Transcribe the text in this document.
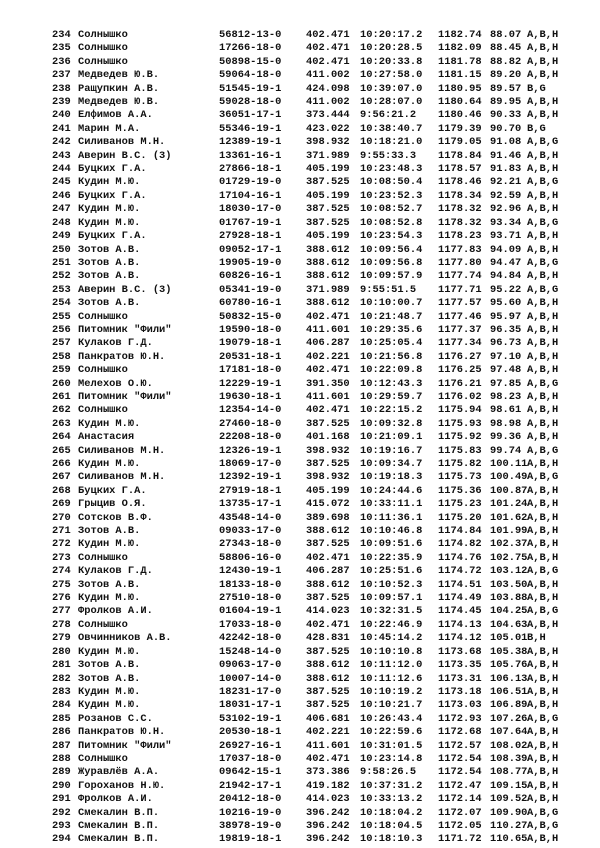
234 Солнышко	56812-13-0 402.471 10:20:17.2 1182.74 88.07 A,B,H
235 Солнышко	17266-18-0 402.471 10:20:28.5 1182.09 88.45 A,B,H
236 Солнышко	50898-15-0 402.471 10:20:33.8 1181.78 88.82 A,B,H
237 Медведев Ю.В.	59064-18-0 411.002 10:27:58.0 1181.15 89.20 A,B,H
238 Ращупкин А.В.	51545-19-1 424.098 10:39:07.0 1180.95 89.57 B,G
239 Медведев Ю.В.	59028-18-0 411.002 10:28:07.0 1180.64 89.95 A,B,H
240 Елфимов А.А.	36051-17-1 373.444 9:56:21.2 1180.46 90.33 A,B,H
241 Марин М.А.	55346-19-1 423.022 10:38:40.7 1179.39 90.70 B,G
242 Силиванов М.Н.	12389-19-1 398.932 10:18:21.0 1179.05 91.08 A,B,G
243 Аверин В.С. (3)	13361-16-1 371.989 9:55:33.3 1178.84 91.46 A,B,H
244 Буцких Г.А.	27866-18-1 405.199 10:23:48.3 1178.57 91.83 A,B,H
245 Кудин М.Ю.	01729-19-0 387.525 10:08:50.4 1178.46 92.21 A,B,G
246 Буцких Г.А.	17104-16-1 405.199 10:23:52.3 1178.34 92.59 A,B,H
247 Кудин М.Ю.	18030-17-0 387.525 10:08:52.7 1178.32 92.96 A,B,H
248 Кудин М.Ю.	01767-19-1 387.525 10:08:52.8 1178.32 93.34 A,B,G
249 Буцких Г.А.	27928-18-1 405.199 10:23:54.3 1178.23 93.71 A,B,H
250 Зотов А.В.	09052-17-1 388.612 10:09:56.4 1177.83 94.09 A,B,H
251 Зотов А.В.	19905-19-0 388.612 10:09:56.8 1177.80 94.47 A,B,G
252 Зотов А.В.	60826-16-1 388.612 10:09:57.9 1177.74 94.84 A,B,H
253 Аверин В.С. (3)	05341-19-0 371.989 9:55:51.5 1177.71 95.22 A,B,G
254 Зотов А.В.	60780-16-1 388.612 10:10:00.7 1177.57 95.60 A,B,H
255 Солнышко	50832-15-0 402.471 10:21:48.7 1177.46 95.97 A,B,H
256 Питомник "Фили"	19590-18-0 411.601 10:29:35.6 1177.37 96.35 A,B,H
257 Кулаков Г.Д.	19079-18-1 406.287 10:25:05.4 1177.34 96.73 A,B,H
258 Панкратов Ю.Н.	20531-18-1 402.221 10:21:56.8 1176.27 97.10 A,B,H
259 Солнышко	17181-18-0 402.471 10:22:09.8 1176.25 97.48 A,B,H
260 Мелехов О.Ю.	12229-19-1 391.350 10:12:43.3 1176.21 97.85 A,B,G
261 Питомник "Фили"	19630-18-1 411.601 10:29:59.7 1176.02 98.23 A,B,H
262 Солнышко	12354-14-0 402.471 10:22:15.2 1175.94 98.61 A,B,H
263 Кудин М.Ю.	27460-18-0 387.525 10:09:32.8 1175.93 98.98 A,B,H
264 Анастасия	22208-18-0 401.168 10:21:09.1 1175.92 99.36 A,B,H
265 Силиванов М.Н.	12326-19-1 398.932 10:19:16.7 1175.83 99.74 A,B,G
266 Кудин М.Ю.	18069-17-0 387.525 10:09:34.7 1175.82 100.11 A,B,H
267 Силиванов М.Н.	12392-19-1 398.932 10:19:18.3 1175.73 100.49 A,B,G
268 Буцких Г.А.	27919-18-1 405.199 10:24:44.6 1175.36 100.87 A,B,H
269 Грыцив О.Я.	13735-17-1 415.072 10:33:11.1 1175.23 101.24 A,B,H
270 Сотсков В.Ф.	43548-14-0 389.698 10:11:36.1 1175.20 101.62 A,B,H
271 Зотов А.В.	09033-17-0 388.612 10:10:46.8 1174.84 101.99 A,B,H
272 Кудин М.Ю.	27343-18-0 387.525 10:09:51.6 1174.82 102.37 A,B,H
273 Солнышко	58806-16-0 402.471 10:22:35.9 1174.76 102.75 A,B,H
274 Кулаков Г.Д.	12430-19-1 406.287 10:25:51.6 1174.72 103.12 A,B,G
275 Зотов А.В.	18133-18-0 388.612 10:10:52.3 1174.51 103.50 A,B,H
276 Кудин М.Ю.	27510-18-0 387.525 10:09:57.1 1174.49 103.88 A,B,H
277 Фролков А.И.	01604-19-1 414.023 10:32:31.5 1174.45 104.25 A,B,G
278 Солнышко	17033-18-0 402.471 10:22:46.9 1174.13 104.63 A,B,H
279 Овчинников А.В.	42242-18-0 428.831 10:45:14.2 1174.12 105.01 B,H
280 Кудин М.Ю.	15248-14-0 387.525 10:10:10.8 1173.68 105.38 A,B,H
281 Зотов А.В.	09063-17-0 388.612 10:11:12.0 1173.35 105.76 A,B,H
282 Зотов А.В.	10007-14-0 388.612 10:11:12.6 1173.31 106.13 A,B,H
283 Кудин М.Ю.	18231-17-0 387.525 10:10:19.2 1173.18 106.51 A,B,H
284 Кудин М.Ю.	18031-17-1 387.525 10:10:21.7 1173.03 106.89 A,B,H
285 Розанов С.С.	53102-19-1 406.681 10:26:43.4 1172.93 107.26 A,B,G
286 Панкратов Ю.Н.	20530-18-1 402.221 10:22:59.6 1172.68 107.64 A,B,H
287 Питомник "Фили"	26927-16-1 411.601 10:31:01.5 1172.57 108.02 A,B,H
288 Солнышко	17037-18-0 402.471 10:23:14.8 1172.54 108.39 A,B,H
289 Журавлёв А.А.	09642-15-1 373.386 9:58:26.5 1172.54 108.77 A,B,H
290 Гороханов Н.Ю.	21942-17-1 419.182 10:37:31.2 1172.47 109.15 A,B,H
291 Фролков А.И.	20412-18-0 414.023 10:33:13.2 1172.14 109.52 A,B,H
292 Смекалин В.П.	10216-19-0 396.242 10:18:04.2 1172.07 109.90 A,B,G
293 Смекалин В.П.	38978-19-0 396.242 10:18:04.5 1172.05 110.27 A,B,G
294 Смекалин В.П.	19819-18-1 396.242 10:18:10.3 1171.72 110.65 A,B,H
